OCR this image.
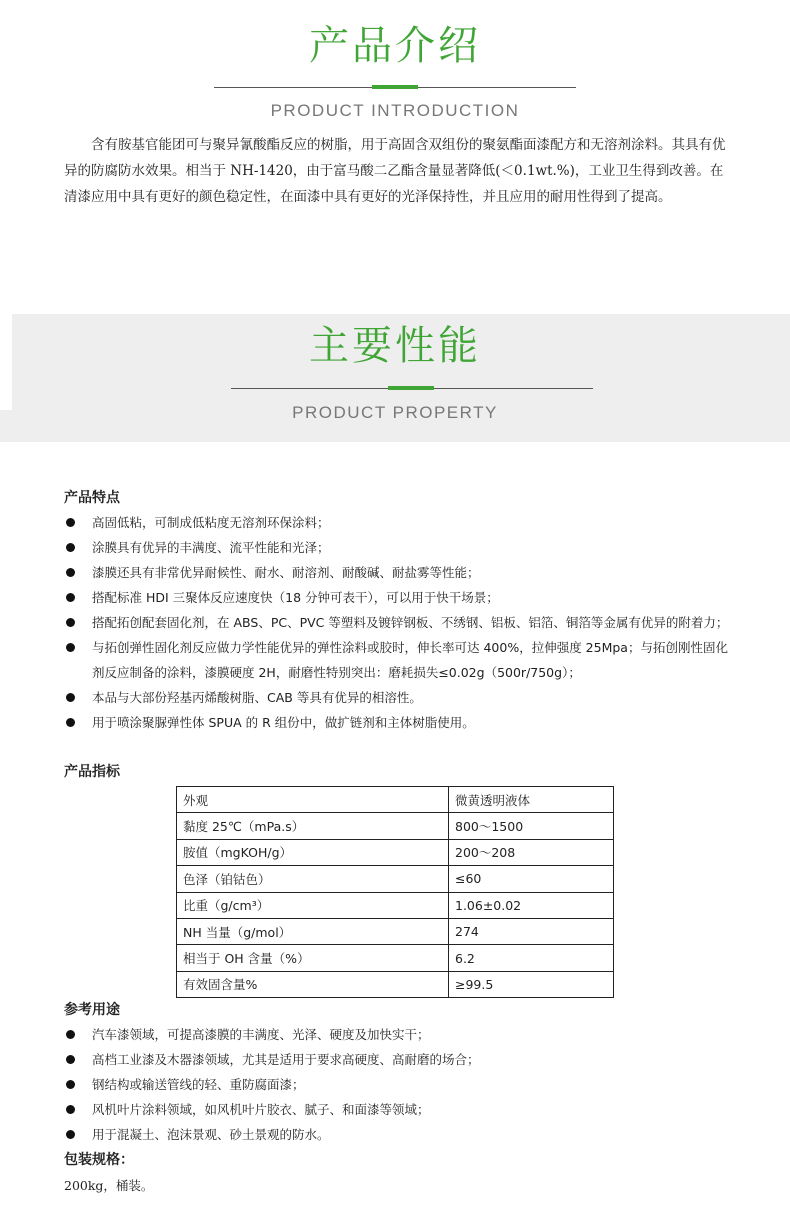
产品介绍
PRODUCT INTRODUCTION

含有胺基官能团可与聚异氰酸酯反应的树脂，用于高固含双组份的聚氨酯面漆配方和无溶剂涂料。其具有优异的防腐防水效果。相当于 NH-1420，由于富马酸二乙酯含量显著降低(＜0.1wt.%)，工业卫生得到改善。在清漆应用中具有更好的颜色稳定性，在面漆中具有更好的光泽保持性，并且应用的耐用性得到了提高。

主要性能
PRODUCT PROPERTY
产品特点
高固低粘，可制成低粘度无溶剂环保涂料；
涂膜具有优异的丰满度、流平性能和光泽；
漆膜还具有非常优异耐候性、耐水、耐溶剂、耐酸碱、耐盐雾等性能；
搭配标准 HDI 三聚体反应速度快（18 分钟可表干），可以用于快干场景；
搭配拓创配套固化剂，在 ABS、PC、PVC 等塑料及镀锌钢板、不绣钢、铝板、铝箔、铜箔等金属有优异的附着力；
与拓创弹性固化剂反应做力学性能优异的弹性涂料或胶时，伸长率可达 400%，拉伸强度 25Mpa；与拓创刚性固化剂反应制备的涂料，漆膜硬度 2H，耐磨性特别突出：磨耗损失≤0.02g（500r/750g）；
本品与大部份羟基丙烯酸树脂、CAB 等具有优异的相溶性。
用于喷涂聚脲弹性体 SPUA 的 R 组份中，做扩链剂和主体树脂使用。
产品指标
外观	微黄透明液体
黏度 25℃（mPa.s）	800～1500
胺值（mgKOH/g）	200～208
色泽（铂钴色）	≤60
比重（g/cm³）	1.06±0.02
NH 当量（g/mol）	274
相当于 OH 含量（%）	6.2
有效固含量%	≥99.5
参考用途
汽车漆领域，可提高漆膜的丰满度、光泽、硬度及加快实干；
高档工业漆及木器漆领域，尤其是适用于要求高硬度、高耐磨的场合；
钢结构或输送管线的轻、重防腐面漆；
风机叶片涂料领域，如风机叶片胶衣、腻子、和面漆等领域；
用于混凝土、泡沫景观、砂土景观的防水。
包装规格：
200kg，桶装。
